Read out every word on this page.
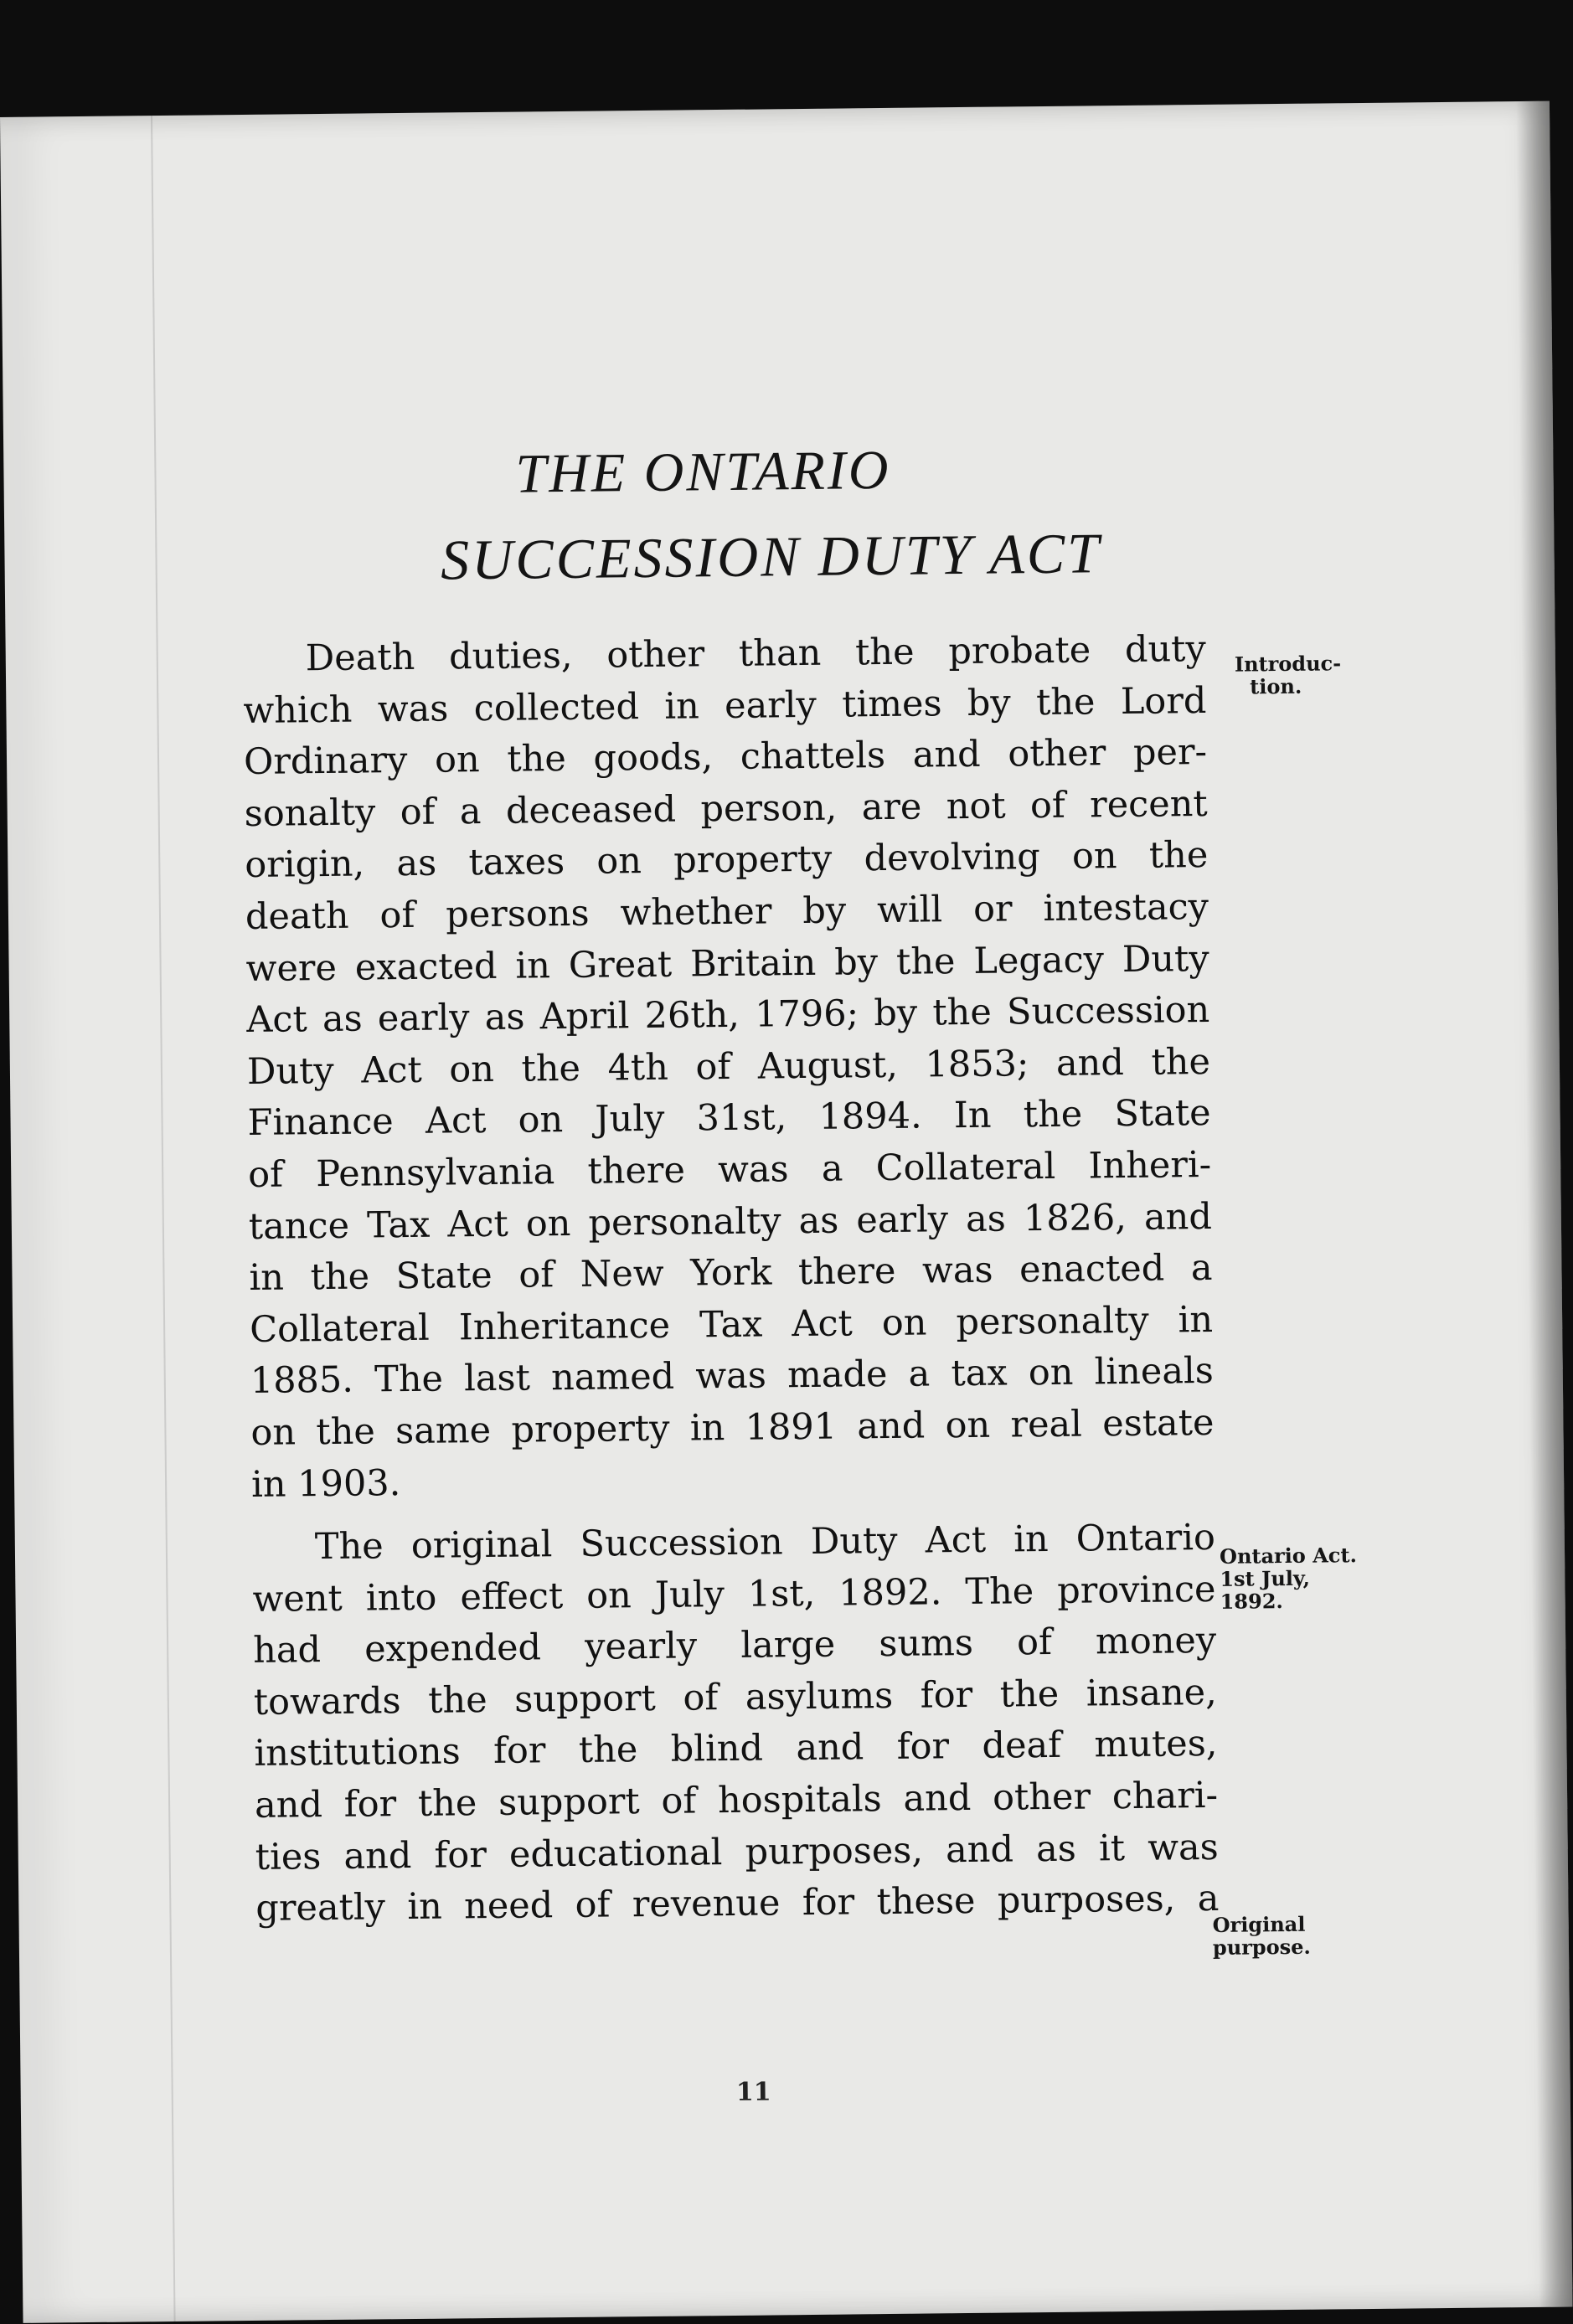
THE ONTARIO
SUCCESSION DUTY ACT
Death duties, other than the probate duty
which was collected in early times by the Lord
Ordinary on the goods, chattels and other per-
sonalty of a deceased person, are not of recent
origin, as taxes on property devolving on the
death of persons whether by will or intestacy
were exacted in Great Britain by the Legacy Duty
Act as early as April 26th, 1796; by the Succession
Duty Act on the 4th of August, 1853; and the
Finance Act on July 31st, 1894. In the State
of Pennsylvania there was a Collateral Inheri-
tance Tax Act on personalty as early as 1826, and
in the State of New York there was enacted a
Collateral Inheritance Tax Act on personalty in
1885. The last named was made a tax on lineals
on the same property in 1891 and on real estate
in 1903.
The original Succession Duty Act in Ontario
went into effect on July 1st, 1892. The province
had expended yearly large sums of money
towards the support of asylums for the insane,
institutions for the blind and for deaf mutes,
and for the support of hospitals and other chari-
ties and for educational purposes, and as it was
greatly in need of revenue for these purposes, a
Introduc-
tion.
Ontario Act.
1st July,
1892.
Original
purpose.
11
